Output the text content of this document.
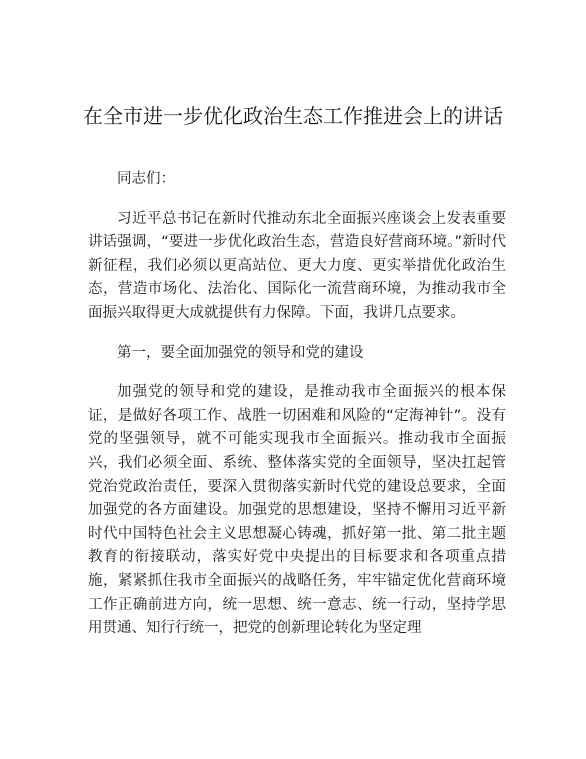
在全市进一步优化政治生态工作推进会上的讲话

同志们：

习近平总书记在新时代推动东北全面振兴座谈会上发表重要讲话强调，“要进一步优化政治生态，营造良好营商环境。”新时代新征程，我们必须以更高站位、更大力度、更实举措优化政治生态，营造市场化、法治化、国际化一流营商环境，为推动我市全面振兴取得更大成就提供有力保障。下面，我讲几点要求。

第一，要全面加强党的领导和党的建设

加强党的领导和党的建设，是推动我市全面振兴的根本保证，是做好各项工作、战胜一切困难和风险的“定海神针”。没有党的坚强领导，就不可能实现我市全面振兴。推动我市全面振兴，我们必须全面、系统、整体落实党的全面领导，坚决扛起管党治党政治责任，要深入贯彻落实新时代党的建设总要求，全面加强党的各方面建设。加强党的思想建设，坚持不懈用习近平新时代中国特色社会主义思想凝心铸魂，抓好第一批、第二批主题教育的衔接联动，落实好党中央提出的目标要求和各项重点措施，紧紧抓住我市全面振兴的战略任务，牢牢锚定优化营商环境工作正确前进方向，统一思想、统一意志、统一行动，坚持学思用贯通、知行行统一，把党的创新理论转化为坚定理
